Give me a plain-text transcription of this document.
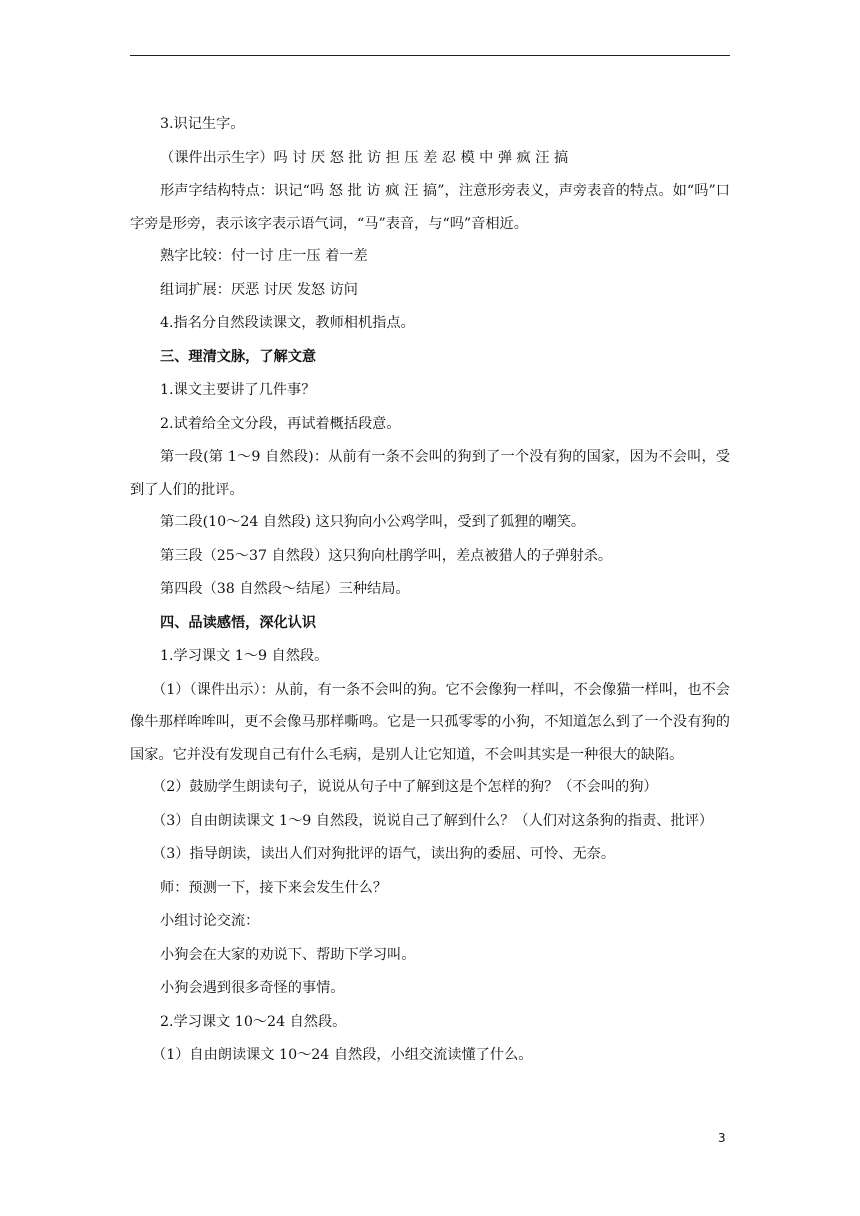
3.识记生字。

（课件出示生字）吗 讨 厌 怒 批 访 担 压 差 忍 模 中 弹 疯 汪 搞

形声字结构特点：识记“吗 怒 批 访 疯 汪 搞”，注意形旁表义，声旁表音的特点。如“吗”口字旁是形旁，表示该字表示语气词，“马”表音，与“吗”音相近。

熟字比较：付一讨 庄一压 着一差

组词扩展：厌恶 讨厌 发怒 访问

4.指名分自然段读课文，教师相机指点。

三、理清文脉，了解文意

1.课文主要讲了几件事？

2.试着给全文分段，再试着概括段意。

第一段(第 1～9 自然段)：从前有一条不会叫的狗到了一个没有狗的国家，因为不会叫，受到了人们的批评。

第二段(10～24 自然段) 这只狗向小公鸡学叫，受到了狐狸的嘲笑。

第三段（25～37 自然段）这只狗向杜鹃学叫，差点被猎人的子弹射杀。

第四段（38 自然段～结尾）三种结局。

四、品读感悟，深化认识

1.学习课文 1～9 自然段。

（1）（课件出示）：从前，有一条不会叫的狗。它不会像狗一样叫，不会像猫一样叫，也不会像牛那样哞哞叫，更不会像马那样嘶鸣。它是一只孤零零的小狗，不知道怎么到了一个没有狗的国家。它并没有发现自己有什么毛病，是别人让它知道，不会叫其实是一种很大的缺陷。

（2）鼓励学生朗读句子，说说从句子中了解到这是个怎样的狗？（不会叫的狗）

（3）自由朗读课文 1～9 自然段，说说自己了解到什么？（人们对这条狗的指责、批评）

（3）指导朗读，读出人们对狗批评的语气，读出狗的委屈、可怜、无奈。

师：预测一下，接下来会发生什么？

小组讨论交流：

小狗会在大家的劝说下、帮助下学习叫。

小狗会遇到很多奇怪的事情。

2.学习课文 10～24 自然段。

（1）自由朗读课文 10～24 自然段，小组交流读懂了什么。

3
